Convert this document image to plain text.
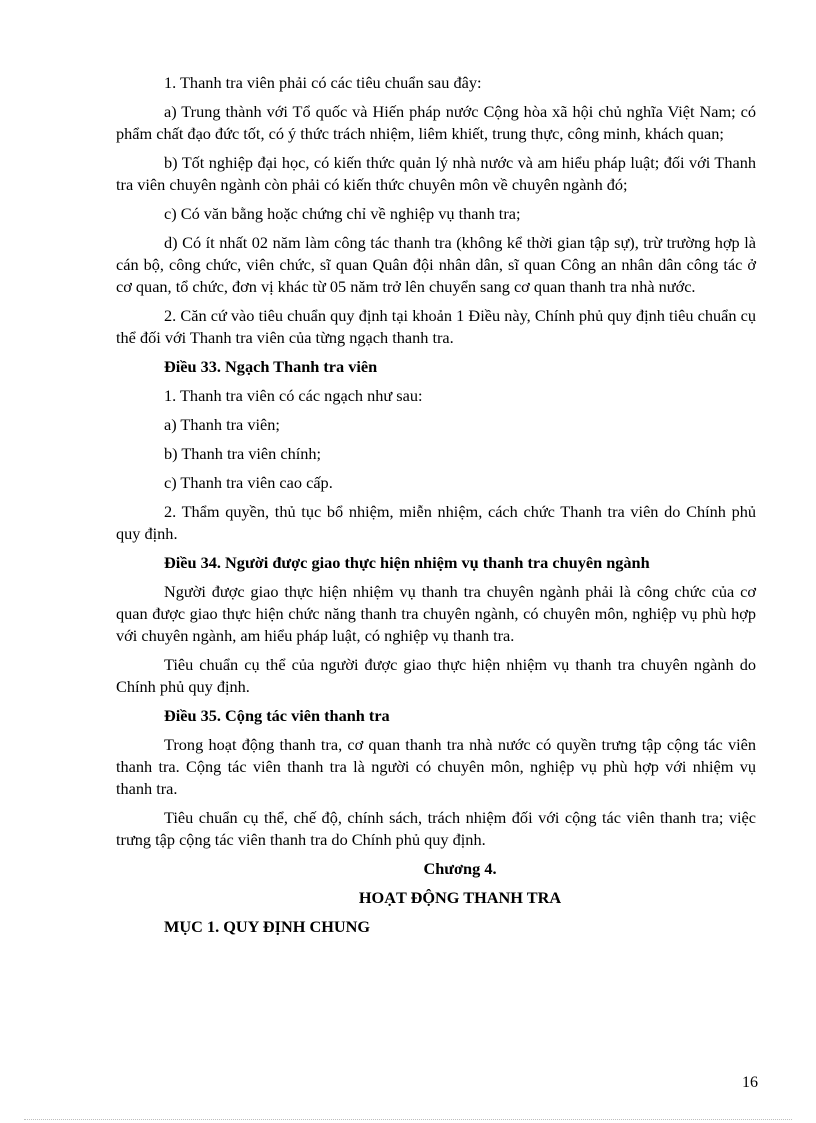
1. Thanh tra viên phải có các tiêu chuẩn sau đây:

a) Trung thành với Tổ quốc và Hiến pháp nước Cộng hòa xã hội chủ nghĩa Việt Nam; có phẩm chất đạo đức tốt, có ý thức trách nhiệm, liêm khiết, trung thực, công minh, khách quan;

b) Tốt nghiệp đại học, có kiến thức quản lý nhà nước và am hiểu pháp luật; đối với Thanh tra viên chuyên ngành còn phải có kiến thức chuyên môn về chuyên ngành đó;

c) Có văn bằng hoặc chứng chỉ về nghiệp vụ thanh tra;

d) Có ít nhất 02 năm làm công tác thanh tra (không kể thời gian tập sự), trừ trường hợp là cán bộ, công chức, viên chức, sĩ quan Quân đội nhân dân, sĩ quan Công an nhân dân công tác ở cơ quan, tổ chức, đơn vị khác từ 05 năm trở lên chuyển sang cơ quan thanh tra nhà nước.

2. Căn cứ vào tiêu chuẩn quy định tại khoản 1 Điều này, Chính phủ quy định tiêu chuẩn cụ thể đối với Thanh tra viên của từng ngạch thanh tra.

Điều 33. Ngạch Thanh tra viên

1. Thanh tra viên có các ngạch như sau:

a) Thanh tra viên;

b) Thanh tra viên chính;

c) Thanh tra viên cao cấp.

2. Thẩm quyền, thủ tục bổ nhiệm, miễn nhiệm, cách chức Thanh tra viên do Chính phủ quy định.

Điều 34. Người được giao thực hiện nhiệm vụ thanh tra chuyên ngành

Người được giao thực hiện nhiệm vụ thanh tra chuyên ngành phải là công chức của cơ quan được giao thực hiện chức năng thanh tra chuyên ngành, có chuyên môn, nghiệp vụ phù hợp với chuyên ngành, am hiểu pháp luật, có nghiệp vụ thanh tra.

Tiêu chuẩn cụ thể của người được giao thực hiện nhiệm vụ thanh tra chuyên ngành do Chính phủ quy định.

Điều 35. Cộng tác viên thanh tra

Trong hoạt động thanh tra, cơ quan thanh tra nhà nước có quyền trưng tập cộng tác viên thanh tra. Cộng tác viên thanh tra là người có chuyên môn, nghiệp vụ phù hợp với nhiệm vụ thanh tra.

Tiêu chuẩn cụ thể, chế độ, chính sách, trách nhiệm đối với cộng tác viên thanh tra; việc trưng tập cộng tác viên thanh tra do Chính phủ quy định.

Chương 4.

HOẠT ĐỘNG THANH TRA

MỤC 1. QUY ĐỊNH CHUNG

16
